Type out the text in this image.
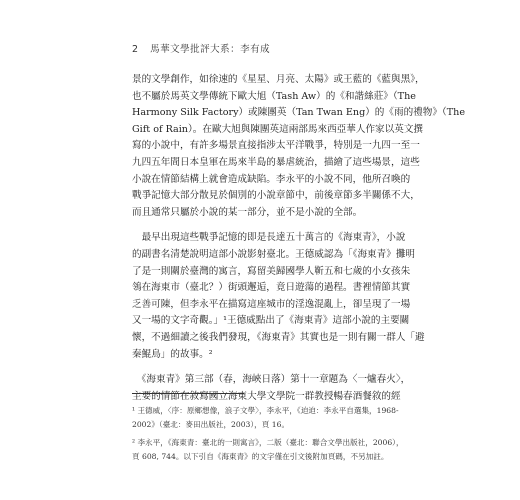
2 馬華文學批評大系：李有成
景的文學創作，如徐速的《星星、月亮、太陽》或王藍的《藍與黑》，
也不屬於馬英文學傳統下歐大旭（Tash Aw）的《和諧絲莊》（The
Harmony Silk Factory）或陳團英（Tan Twan Eng）的《雨的禮物》（The
Gift of Rain）。在歐大旭與陳團英這兩部馬來西亞華人作家以英文撰
寫的小說中，有許多場景直接指涉太平洋戰爭，特別是一九四一至一
九四五年間日本皇軍在馬來半島的暴虐統治，描繪了這些場景，這些
小說在情節結構上就會造成缺陷。李永平的小說不同，他所召喚的
戰爭記憶大部分散見於個別的小說章節中，前後章節多半關係不大，
而且通常只屬於小說的某一部分，並不是小說的全部。
　最早出現這些戰爭記憶的即是長達五十萬言的《海東青》，小說
的副書名清楚說明這部小說影射臺北。王德威認為「《海東青》攤明
了是一則關於臺灣的寓言，寫留美歸國學人靳五和七歲的小女孩朱
鴒在海東市（臺北？）街頭邂逅，竟日遊蕩的過程。書裡情節其實
乏善可陳，但李永平在描寫這座城市的淫逸混亂上，卻呈現了一場
又一場的文字奇觀。」¹王德威點出了《海東青》這部小說的主要關
懷，不過細讀之後我們發現，《海東青》其實也是一則有關一群人「避
秦鯤鳥」的故事。²
　《海東青》第三部（春，海峽日落）第十一章題為〈一爐春火〉，
主要的情節在敘寫國立海東大學文學院一群教授暢春酒餐敘的經
¹ 王德威，〈序：原鄉想像，浪子文學〉，李永平，《迫迫：李永平自選集，1968-
2002》（臺北：麥田出版社，2003），頁 16。
² 李永平，《海東青：臺北的一則寓言》，二版（臺北：聯合文學出版社，2006），
頁 608, 744。以下引自《海東青》的文字僅在引文後附加頁碼，不另加註。
